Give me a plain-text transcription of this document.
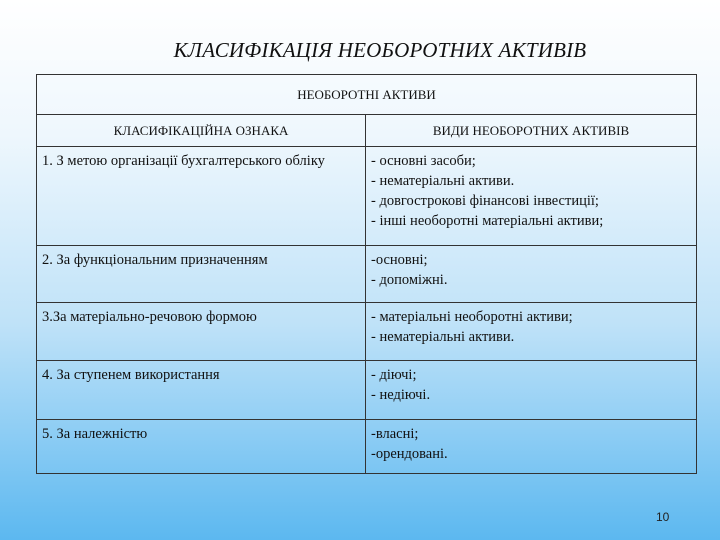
КЛАСИФІКАЦІЯ НЕОБОРОТНИХ АКТИВІВ
НЕОБОРОТНІ АКТИВИ	
КЛАСИФІКАЦІЙНА ОЗНАКА	ВИДИ НЕОБОРОТНИХ АКТИВІВ

1. З метою організації бухгалтерського обліку	- основні засоби;
- нематеріальні активи.
- довгострокові фінансові інвестиції;
- інші необоротні матеріальні активи;

2. За функціональним призначенням	-основні;
- допоміжні.

3.За матеріально-речовою формою	- матеріальні необоротні активи;
- нематеріальні активи.

4. За ступенем використання	- діючі;
- недіючі.

5. За належністю	-власні;
-орендовані.
10
